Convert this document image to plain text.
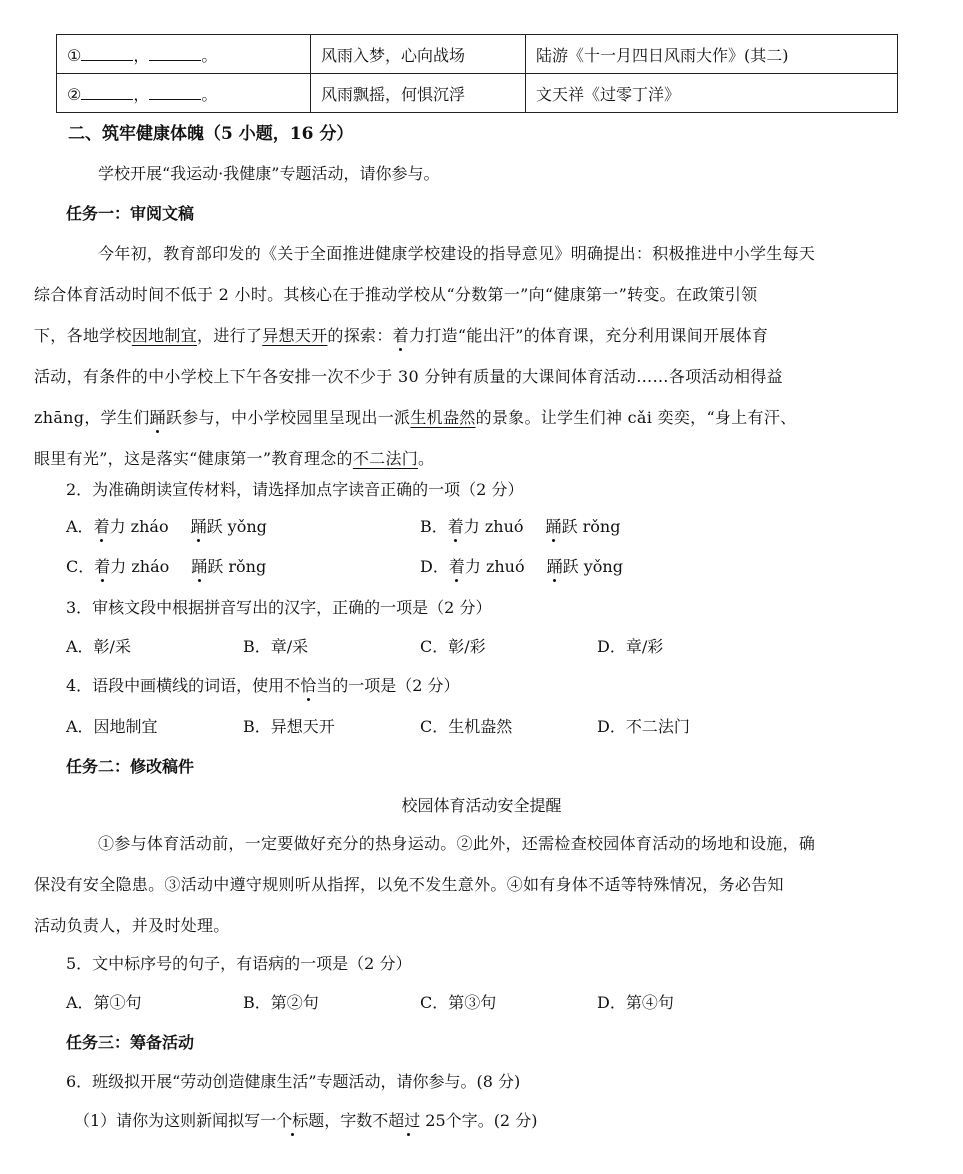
① ， 。	风雨入梦，心向战场	陆游《十一月四日风雨大作》(其二)
② ， 。	风雨飘摇，何惧沉浮	文天祥《过零丁洋》
二、筑牢健康体魄（5 小题，16 分）
学校开展“我运动·我健康”专题活动，请你参与。
任务一：审阅文稿
今年初，教育部印发的《关于全面推进健康学校建设的指导意见》明确提出：积极推进中小学生每天
综合体育活动时间不低于 2 小时。其核心在于推动学校从“分数第一”向“健康第一”转变。在政策引领
下，各地学校因地制宜，进行了异想天开的探索：着力打造“能出汗”的体育课，充分利用课间开展体育
活动，有条件的中小学校上下午各安排一次不少于 30 分钟有质量的大课间体育活动……各项活动相得益
zhāng，学生们踊跃参与，中小学校园里呈现出一派生机盎然的景象。让学生们神 cǎi 奕奕，“身上有汗、
眼里有光”，这是落实“健康第一”教育理念的不二法门。
2．为准确朗读宣传材料，请选择加点字读音正确的一项（2 分）
A．着力 zháo 踊跃 yǒng	B．着力 zhuó 踊跃 rǒng
C．着力 zháo 踊跃 rǒng	D．着力 zhuó 踊跃 yǒng
3．审核文段中根据拼音写出的汉字，正确的一项是（2 分）
A．彰/采	B．章/采	C．彰/彩	D．章/彩
4．语段中画横线的词语，使用不恰当的一项是（2 分）
A．因地制宜	B．异想天开	C．生机盎然	D．不二法门
任务二：修改稿件
校园体育活动安全提醒
①参与体育活动前，一定要做好充分的热身运动。②此外，还需检查校园体育活动的场地和设施，确
保没有安全隐患。③活动中遵守规则听从指挥，以免不发生意外。④如有身体不适等特殊情况，务必告知
活动负责人，并及时处理。
5．文中标序号的句子，有语病的一项是（2 分）
A．第①句	B．第②句	C．第③句	D．第④句
任务三：筹备活动
6．班级拟开展“劳动创造健康生活”专题活动，请你参与。(8 分)
（1）请你为这则新闻拟写一个标题，字数不超过 25个字。(2 分)
